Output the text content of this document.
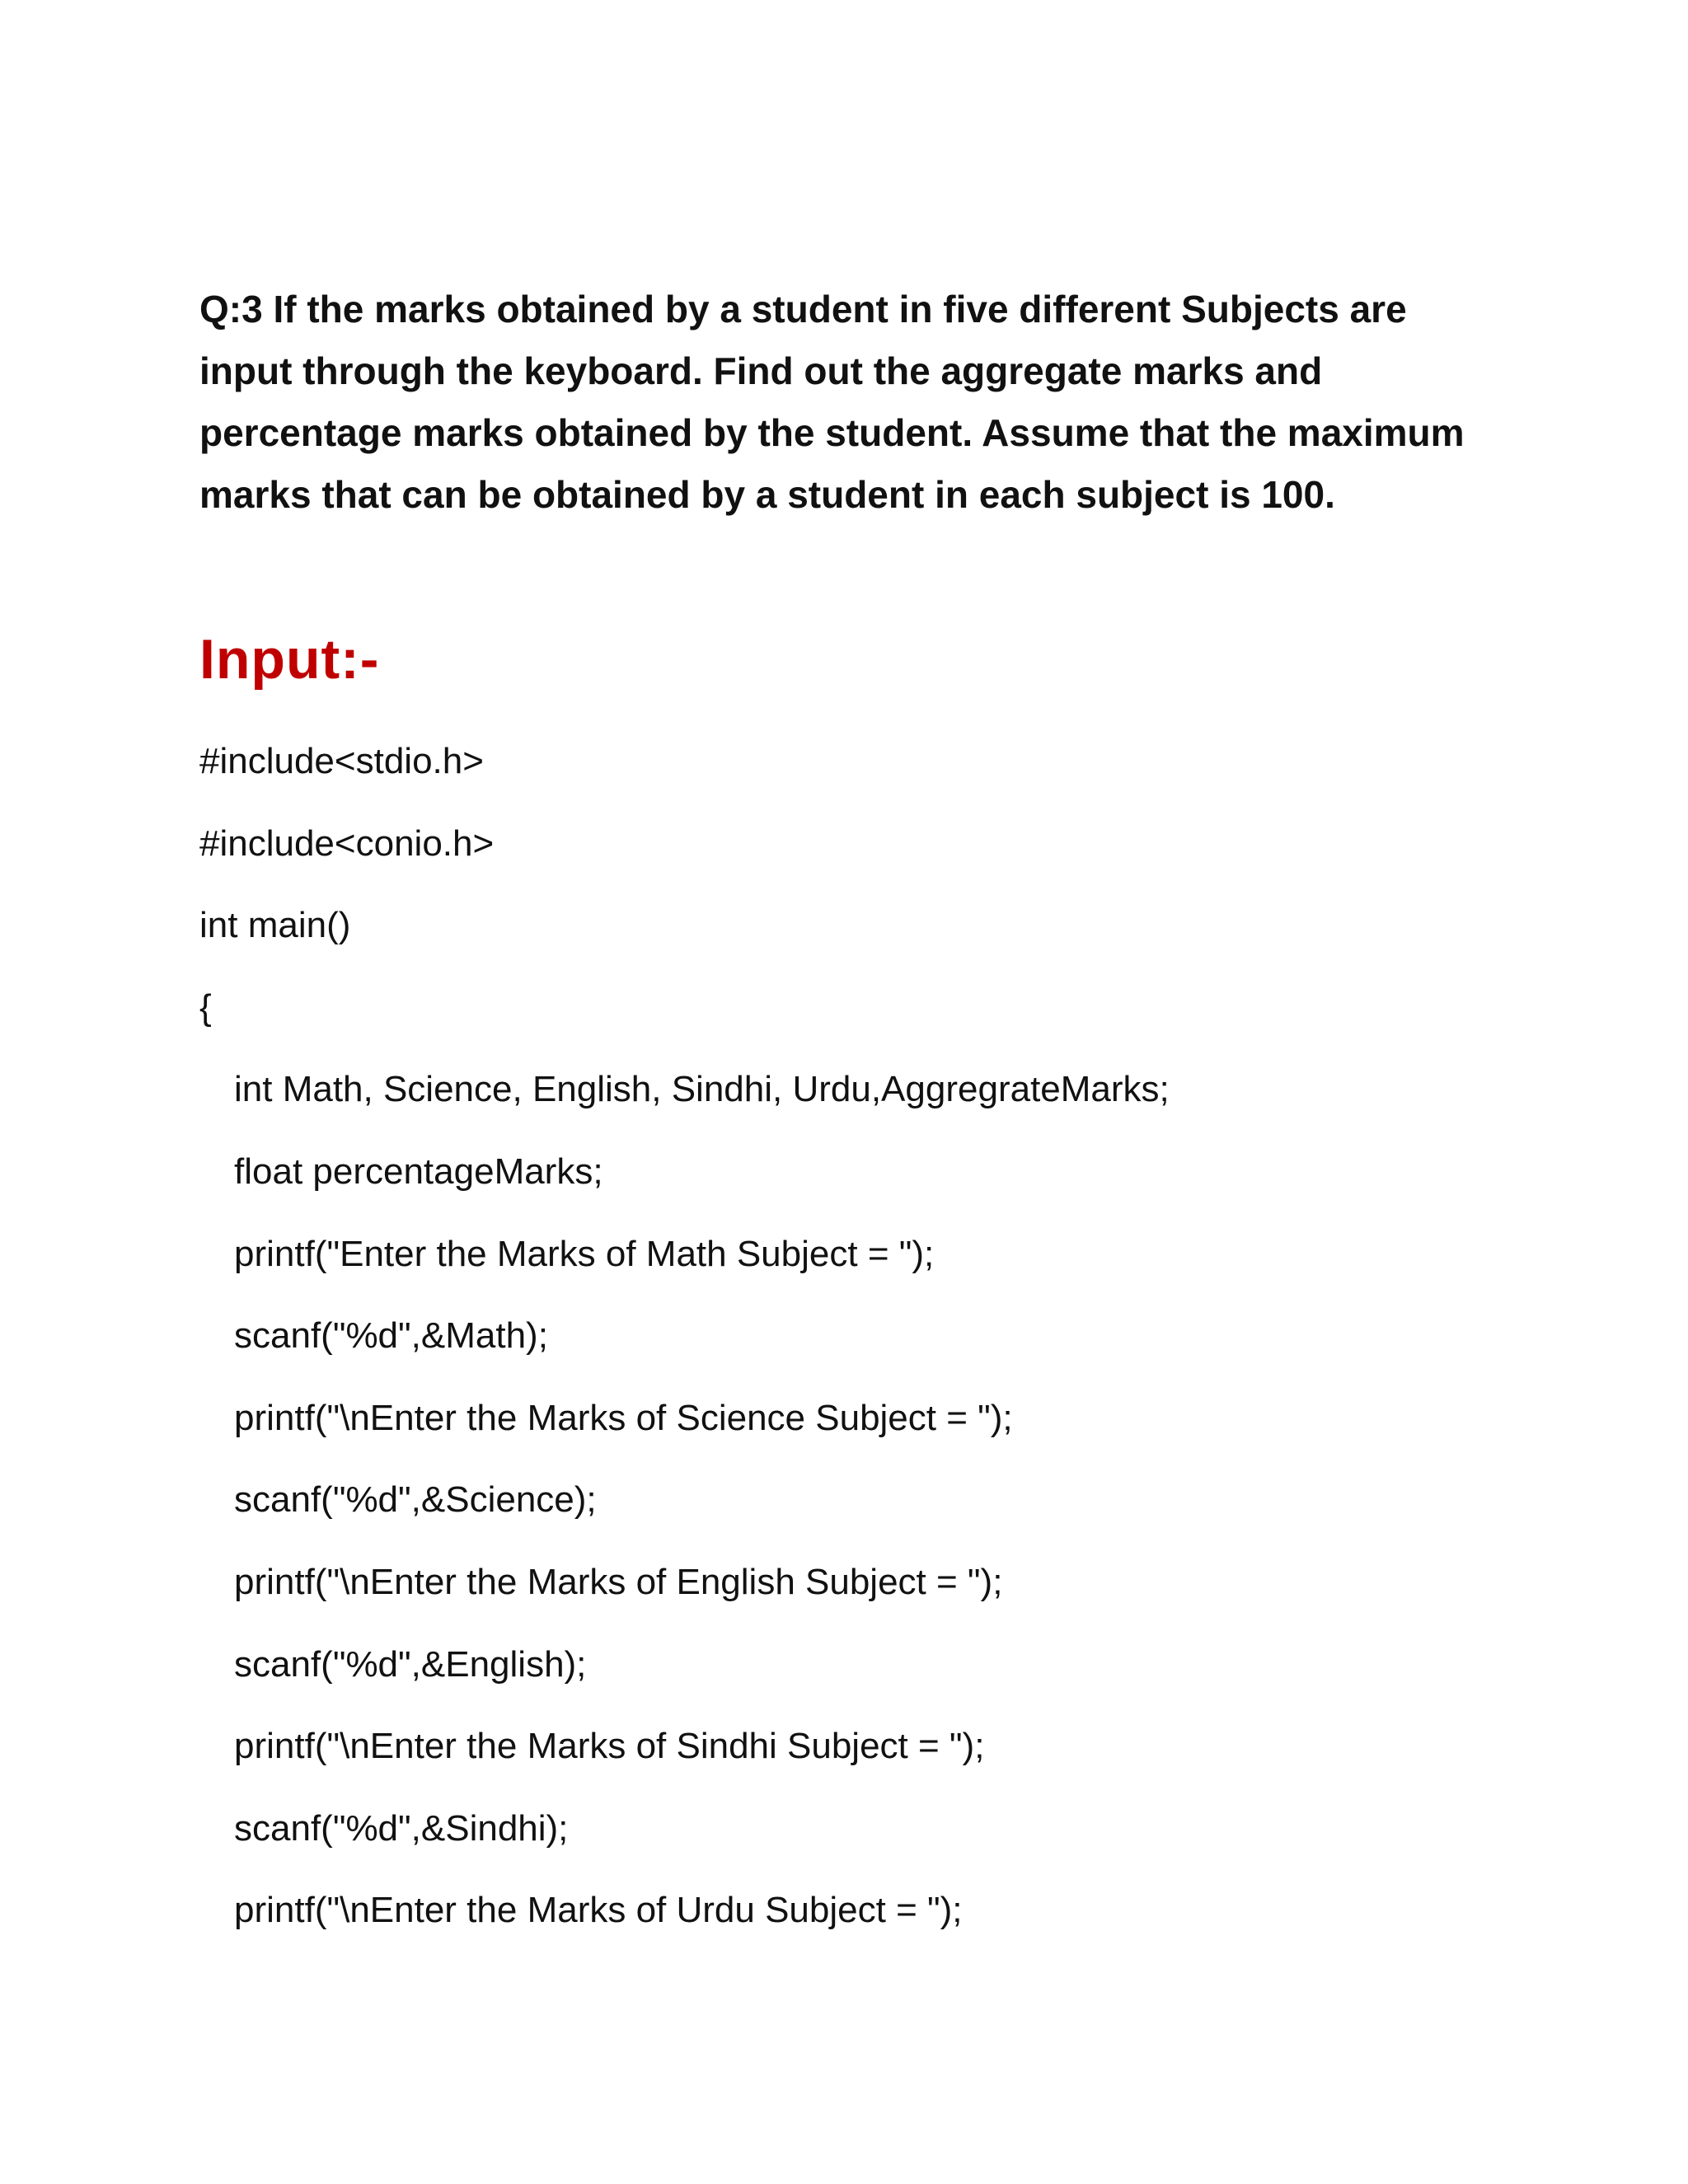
Q:3 If the marks obtained by a student in five different Subjects are input through the keyboard. Find out the aggregate marks and percentage marks obtained by the student. Assume that the maximum marks that can be obtained by a student in each subject is 100.

Input:-
#include<stdio.h>
#include<conio.h>
int main()
{
int Math, Science, English, Sindhi, Urdu,AggregrateMarks;
float percentageMarks;
printf("Enter the Marks of Math Subject = ");
scanf("%d",&Math);
printf("\nEnter the Marks of Science Subject = ");
scanf("%d",&Science);
printf("\nEnter the Marks of English Subject = ");
scanf("%d",&English);
printf("\nEnter the Marks of Sindhi Subject = ");
scanf("%d",&Sindhi);
printf("\nEnter the Marks of Urdu Subject = ");
